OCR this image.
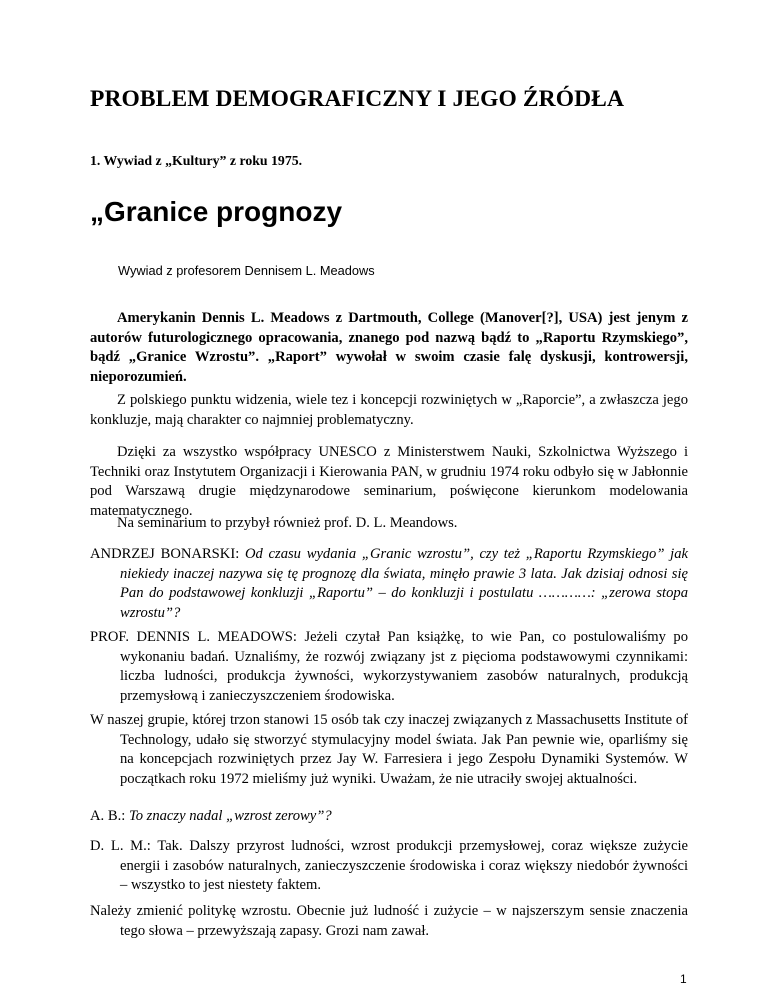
PROBLEM DEMOGRAFICZNY I JEGO ŹRÓDŁA
1. Wywiad z „Kultury” z roku 1975.
„Granice prognozy
Wywiad z profesorem Dennisem L. Meadows

Amerykanin Dennis L. Meadows z Dartmouth, College (Manover[?], USA) jest jenym z autorów futurologicznego opracowania, znanego pod nazwą bądź to „Raportu Rzymskiego”, bądź „Granice Wzrostu”. „Raport” wywołał w swoim czasie falę dyskusji, kontrowersji, nieporozumień.

Z polskiego punktu widzenia, wiele tez i koncepcji rozwiniętych w „Raporcie”, a zwłaszcza jego konkluzje, mają charakter co najmniej problematyczny.

Dzięki za wszystko współpracy UNESCO z Ministerstwem Nauki, Szkolnictwa Wyższego i Techniki oraz Instytutem Organizacji i Kierowania PAN, w grudniu 1974 roku odbyło się w Jabłonnie pod Warszawą drugie międzynarodowe seminarium, poświęcone kierunkom modelowania matematycznego.

Na seminarium to przybył również prof. D. L. Meandows.

ANDRZEJ BONARSKI: Od czasu wydania „Granic wzrostu”, czy też „Raportu Rzymskiego” jak niekiedy inaczej nazywa się tę prognozę dla świata, minęło prawie 3 lata. Jak dzisiaj odnosi się Pan do podstawowej konkluzji „Raportu” – do konkluzji i postulatu …………: „zerowa stopa wzrostu”?

PROF. DENNIS L. MEADOWS: Jeżeli czytał Pan książkę, to wie Pan, co postulowaliśmy po wykonaniu badań. Uznaliśmy, że rozwój związany jst z pięcioma podstawowymi czynnikami: liczba ludności, produkcja żywności, wykorzystywaniem zasobów naturalnych, produkcją przemysłową i zanieczyszczeniem środowiska.

W naszej grupie, której trzon stanowi 15 osób tak czy inaczej związanych z Massachusetts Institute of Technology, udało się stworzyć stymulacyjny model świata. Jak Pan pewnie wie, oparliśmy się na koncepcjach rozwiniętych przez Jay W. Farresiera i jego Zespołu Dynamiki Systemów. W początkach roku 1972 mieliśmy już wyniki. Uważam, że nie utraciły swojej aktualności.

A. B.: To znaczy nadal „wzrost zerowy”?

D. L. M.: Tak. Dalszy przyrost ludności, wzrost produkcji przemysłowej, coraz większe zużycie energii i zasobów naturalnych, zanieczyszczenie środowiska i coraz większy niedobór żywności – wszystko to jest niestety faktem.

Należy zmienić politykę wzrostu. Obecnie już ludność i zużycie – w najszerszym sensie znaczenia tego słowa – przewyższają zapasy. Grozi nam zawał.

1
